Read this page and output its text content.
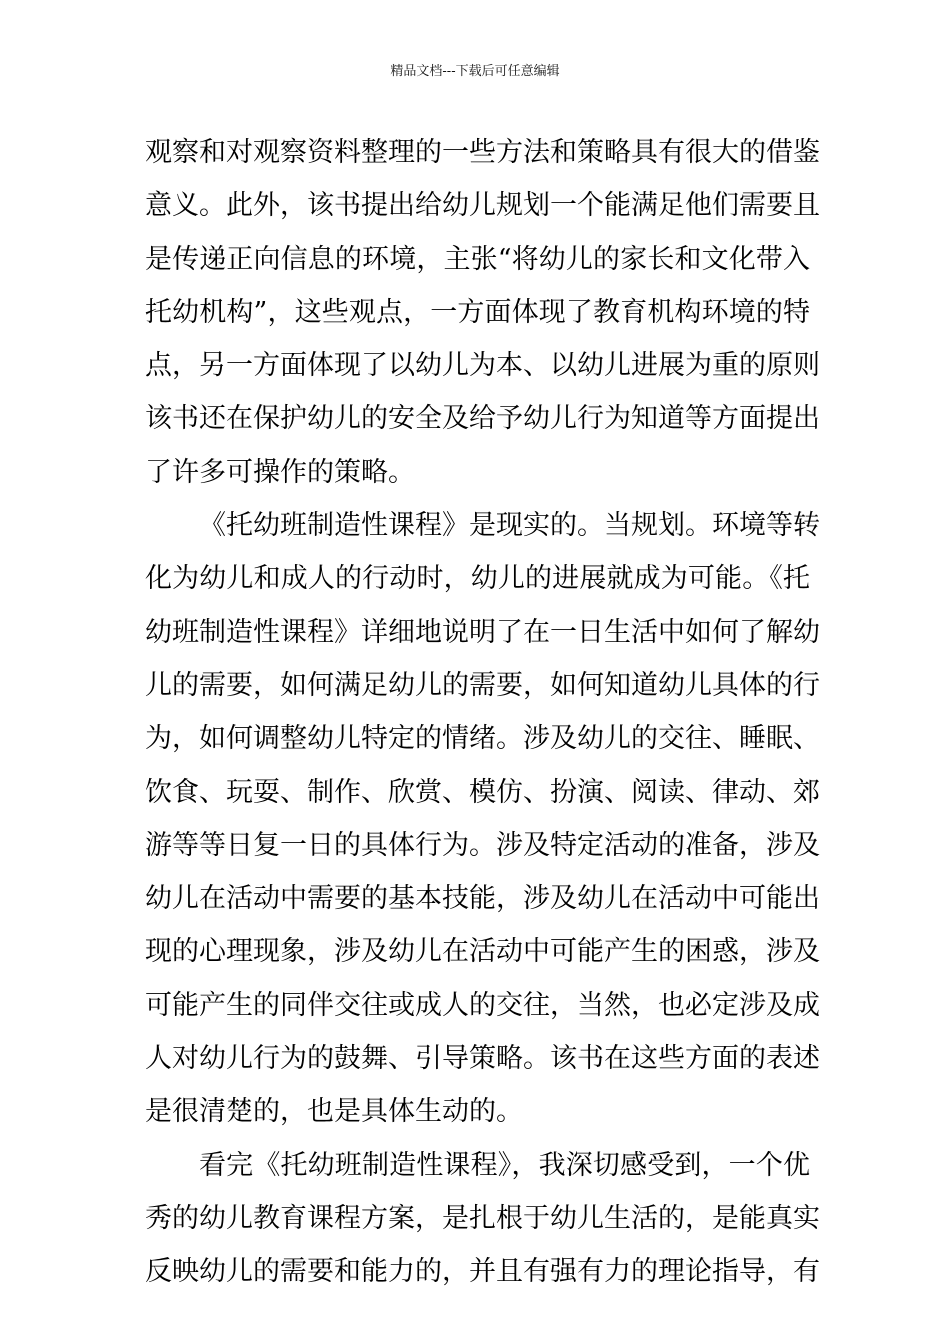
精品文档---下载后可任意编辑
观察和对观察资料整理的一些方法和策略具有很大的借鉴
意义。此外，该书提出给幼儿规划一个能满足他们需要且
是传递正向信息的环境，主张“将幼儿的家长和文化带入
托幼机构”，这些观点，一方面体现了教育机构环境的特
点，另一方面体现了以幼儿为本、以幼儿进展为重的原则
该书还在保护幼儿的安全及给予幼儿行为知道等方面提出
了许多可操作的策略。
《托幼班制造性课程》是现实的。当规划。环境等转
化为幼儿和成人的行动时，幼儿的进展就成为可能。《托
幼班制造性课程》详细地说明了在一日生活中如何了解幼
儿的需要，如何满足幼儿的需要，如何知道幼儿具体的行
为，如何调整幼儿特定的情绪。涉及幼儿的交往、睡眠、
饮食、玩耍、制作、欣赏、模仿、扮演、阅读、律动、郊
游等等日复一日的具体行为。涉及特定活动的准备，涉及
幼儿在活动中需要的基本技能，涉及幼儿在活动中可能出
现的心理现象，涉及幼儿在活动中可能产生的困惑，涉及
可能产生的同伴交往或成人的交往，当然，也必定涉及成
人对幼儿行为的鼓舞、引导策略。该书在这些方面的表述
是很清楚的，也是具体生动的。
看完《托幼班制造性课程》，我深切感受到，一个优
秀的幼儿教育课程方案，是扎根于幼儿生活的，是能真实
反映幼儿的需要和能力的，并且有强有力的理论指导，有
